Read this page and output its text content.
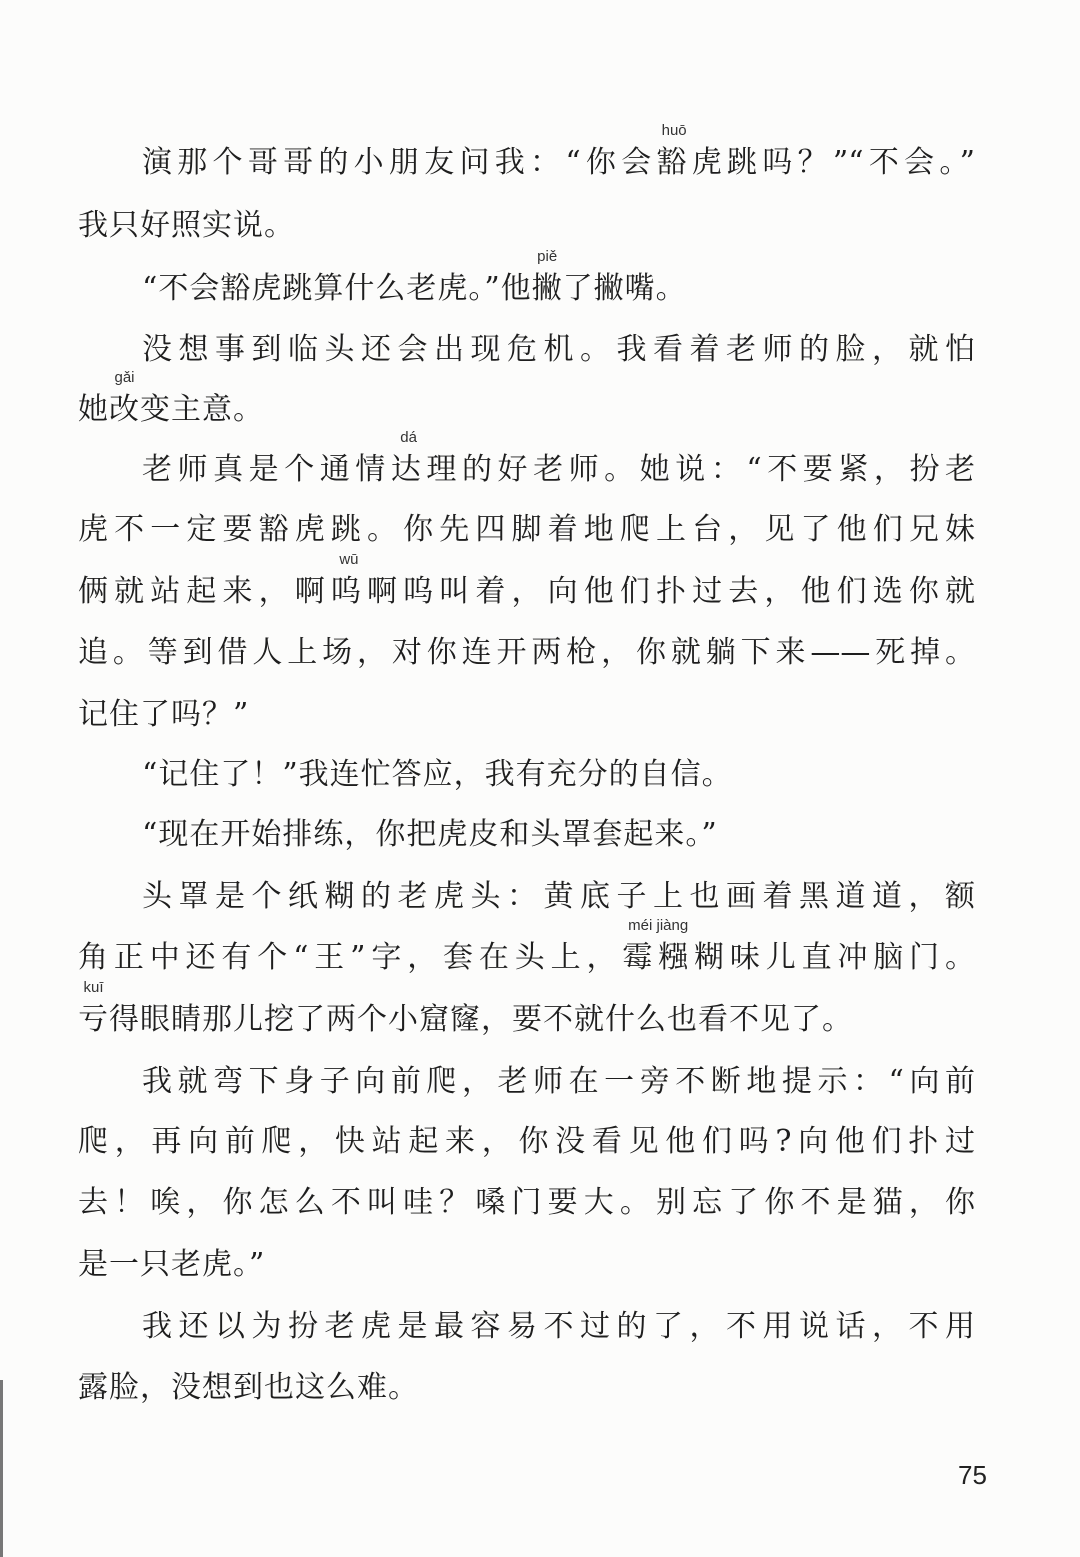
演那个哥哥的小朋友问我：“你会豁
huō
虎跳吗？”“不会。”
我只好照实说。
“不会豁虎跳算什么老虎。”他撇
piě
了撇嘴。
没想事到临头还会出现危机。我看着老师的脸，就怕
她改
gǎi
变主意。
老师真是个通情达
dá
理的好老师。她说：“不要紧，扮老
虎不一定要豁虎跳。你先四脚着地爬上台，见了他们兄妹
俩就站起来，啊呜
wū
啊呜叫着，向他们扑过去，他们选你就
追。等到借人上场，对你连开两枪，你就躺下来——死掉。
记住了吗？”
“记住了！”我连忙答应，我有充分的自信。
“现在开始排练，你把虎皮和头罩套起来。”
头罩是个纸糊的老虎头：黄底子上也画着黑道道，额
角正中还有个“王”字，套在头上，霉糨
méi jiàng
糊味儿直冲脑门。
亏
kuī
得眼睛那儿挖了两个小窟窿，要不就什么也看不见了。
我就弯下身子向前爬，老师在一旁不断地提示：“向前
爬，再向前爬，快站起来，你没看见他们吗?向他们扑过
去！唉，你怎么不叫哇？嗓门要大。别忘了你不是猫，你
是一只老虎。”
我还以为扮老虎是最容易不过的了，不用说话，不用
露脸，没想到也这么难。
75
